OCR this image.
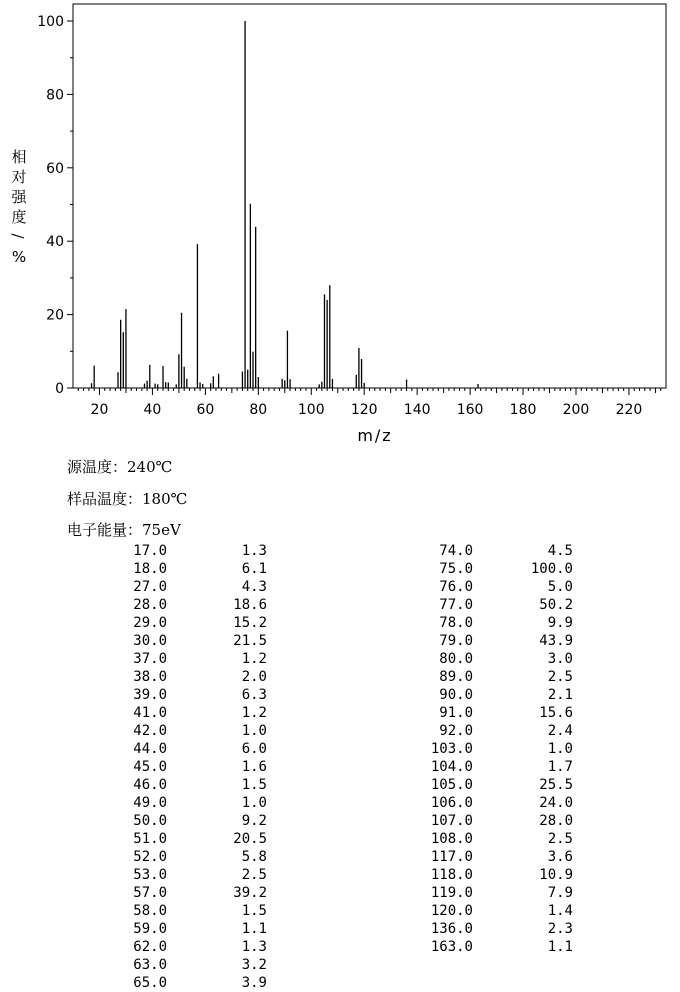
0
20
40
60
80
100
20	40	60	80 100 120 140 160 180 200 220
相
对
强
度
/
%
m/z
源温度：240℃
样品温度：180℃
电子能量：75eV
17.0	1.3
18.0	6.1
27.0	4.3
28.0	18.6
29.0	15.2
30.0	21.5
37.0	1.2
38.0	2.0
39.0	6.3
41.0	1.2
42.0	1.0
44.0	6.0
45.0	1.6
46.0	1.5
49.0	1.0
50.0	9.2
51.0	20.5
52.0	5.8
53.0	2.5
57.0	39.2
58.0	1.5
59.0	1.1
62.0	1.3
63.0	3.2
65.0	3.9
74.0	4.5
75.0	100.0
76.0	5.0
77.0	50.2
78.0	9.9
79.0	43.9
80.0	3.0
89.0	2.5
90.0	2.1
91.0	15.6
92.0	2.4
103.0	1.0
104.0	1.7
105.0	25.5
106.0	24.0
107.0	28.0
108.0	2.5
117.0	3.6
118.0	10.9
119.0	7.9
120.0	1.4
136.0	2.3
163.0	1.1
